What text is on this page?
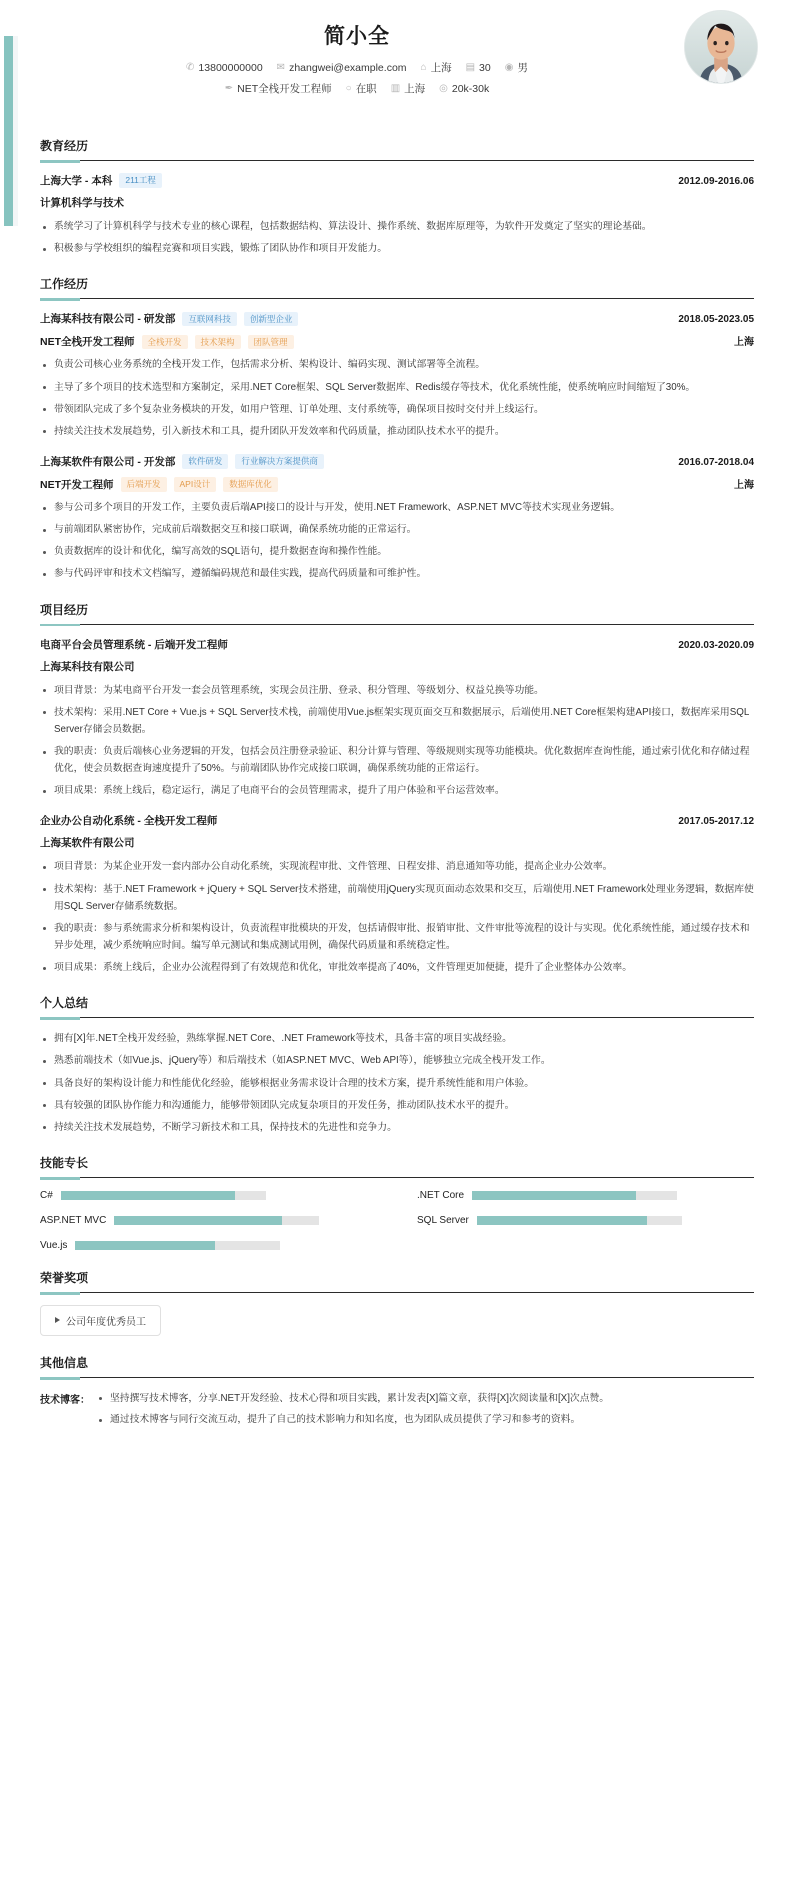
简小全
✆ 13800000000 ✉ zhangwei@example.com ⌂ 上海 ▤ 30 ◉ 男
✒ NET全栈开发工程师 ○ 在职 ▥ 上海 ◎ 20k-30k
教育经历
上海大学 - 本科	211工程	2012.09-2016.06
计算机科学与技术
系统学习了计算机科学与技术专业的核心课程，包括数据结构、算法设计、操作系统、数据库原理等，为软件开发奠定了坚实的理论基础。
积极参与学校组织的编程竞赛和项目实践，锻炼了团队协作和项目开发能力。
工作经历
上海某科技有限公司 - 研发部	互联网科技	创新型企业	2018.05-2023.05
NET全栈开发工程师	全栈开发	技术架构	团队管理	上海
负责公司核心业务系统的全栈开发工作，包括需求分析、架构设计、编码实现、测试部署等全流程。
主导了多个项目的技术选型和方案制定，采用.NET Core框架、SQL Server数据库、Redis缓存等技术，优化系统性能，使系统响应时间缩短了30%。
带领团队完成了多个复杂业务模块的开发，如用户管理、订单处理、支付系统等，确保项目按时交付并上线运行。
持续关注技术发展趋势，引入新技术和工具，提升团队开发效率和代码质量，推动团队技术水平的提升。
上海某软件有限公司 - 开发部	软件研发	行业解决方案提供商	2016.07-2018.04
NET开发工程师	后端开发	API设计	数据库优化	上海
参与公司多个项目的开发工作，主要负责后端API接口的设计与开发，使用.NET Framework、ASP.NET MVC等技术实现业务逻辑。
与前端团队紧密协作，完成前后端数据交互和接口联调，确保系统功能的正常运行。
负责数据库的设计和优化，编写高效的SQL语句，提升数据查询和操作性能。
参与代码评审和技术文档编写，遵循编码规范和最佳实践，提高代码质量和可维护性。
项目经历
电商平台会员管理系统 - 后端开发工程师	2020.03-2020.09
上海某科技有限公司
项目背景：为某电商平台开发一套会员管理系统，实现会员注册、登录、积分管理、等级划分、权益兑换等功能。
技术架构：采用.NET Core + Vue.js + SQL Server技术栈，前端使用Vue.js框架实现页面交互和数据展示，后端使用.NET Core框架构建API接口，数据库采用SQL Server存储会员数据。
我的职责：负责后端核心业务逻辑的开发，包括会员注册登录验证、积分计算与管理、等级规则实现等功能模块。优化数据库查询性能，通过索引优化和存储过程优化，使会员数据查询速度提升了50%。与前端团队协作完成接口联调，确保系统功能的正常运行。
项目成果：系统上线后，稳定运行，满足了电商平台的会员管理需求，提升了用户体验和平台运营效率。
企业办公自动化系统 - 全栈开发工程师	2017.05-2017.12
上海某软件有限公司
项目背景：为某企业开发一套内部办公自动化系统，实现流程审批、文件管理、日程安排、消息通知等功能，提高企业办公效率。
技术架构：基于.NET Framework + jQuery + SQL Server技术搭建，前端使用jQuery实现页面动态效果和交互，后端使用.NET Framework处理业务逻辑，数据库使用SQL Server存储系统数据。
我的职责：参与系统需求分析和架构设计，负责流程审批模块的开发，包括请假审批、报销审批、文件审批等流程的设计与实现。优化系统性能，通过缓存技术和异步处理，减少系统响应时间。编写单元测试和集成测试用例，确保代码质量和系统稳定性。
项目成果：系统上线后，企业办公流程得到了有效规范和优化，审批效率提高了40%，文件管理更加便捷，提升了企业整体办公效率。
个人总结
拥有[X]年.NET全栈开发经验，熟练掌握.NET Core、.NET Framework等技术，具备丰富的项目实战经验。
熟悉前端技术（如Vue.js、jQuery等）和后端技术（如ASP.NET MVC、Web API等），能够独立完成全栈开发工作。
具备良好的架构设计能力和性能优化经验，能够根据业务需求设计合理的技术方案，提升系统性能和用户体验。
具有较强的团队协作能力和沟通能力，能够带领团队完成复杂项目的开发任务，推动团队技术水平的提升。
持续关注技术发展趋势，不断学习新技术和工具，保持技术的先进性和竞争力。
技能专长
C#	.NET Core
ASP.NET MVC	SQL Server
Vue.js
荣誉奖项
公司年度优秀员工
其他信息
技术博客：	坚持撰写技术博客，分享.NET开发经验、技术心得和项目实践，累计发表[X]篇文章，获得[X]次阅读量和[X]次点赞。
通过技术博客与同行交流互动，提升了自己的技术影响力和知名度，也为团队成员提供了学习和参考的资料。
